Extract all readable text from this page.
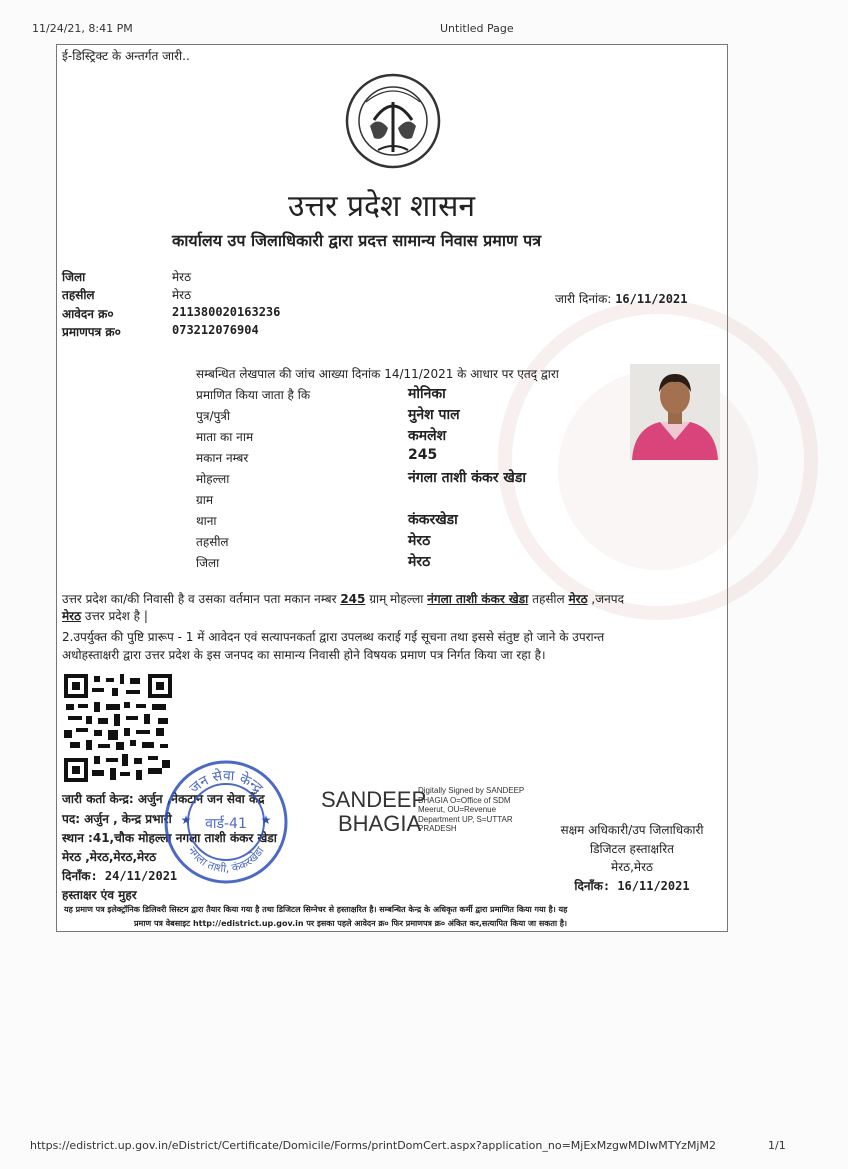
11/24/21, 8:41 PM	Untitled Page
ई-डिस्ट्रिक्ट के अन्तर्गत जारी..
उत्तर प्रदेश शासन
कार्यालय उप जिलाधिकारी द्वारा प्रदत्त सामान्य निवास प्रमाण पत्र
जिला	मेरठ
तहसील	मेरठ
आवेदन क्र०	211380020163236
प्रमाणपत्र क्र०	073212076904
जारी दिनांक: 16/11/2021
सम्बन्धित लेखपाल की जांच आख्या दिनांक 14/11/2021 के आधार पर एतद् द्वारा
प्रमाणित किया जाता है कि	मोनिका
पुत्र/पुत्री	मुनेश पाल
माता का नाम	कमलेश
मकान नम्बर	245
मोहल्ला	नंगला ताशी कंकर खेडा
ग्राम
थाना	कंकरखेडा
तहसील	मेरठ
जिला	मेरठ
उत्तर प्रदेश का/की निवासी है व उसका वर्तमान पता मकान नम्बर 245 ग्राम् मोहल्ला नंगला ताशी कंकर खेडा तहसील मेरठ ,जनपद
मेरठ उत्तर प्रदेश है |
2.उपर्युक्त की पुष्टि प्रारूप - 1 में आवेदन एवं सत्यापनकर्ता द्वारा उपलब्ध कराई गई सूचना तथा इससे संतुष्ट हो जाने के उपरान्त
अधोहस्ताक्षरी द्वारा उत्तर प्रदेश के इस जनपद का सामान्य निवासी होने विषयक प्रमाण पत्र निर्गत किया जा रहा है।
जारी कर्ता केन्द्र: अर्जुन ,नेकटान जन सेवा केंद्र
पद: अर्जुन , केन्द्र प्रभारी
स्थान :41,चौक मोहल्ला नगला ताशी कंकर खेडा
मेरठ ,मेरठ,मेरठ,मेरठ
दिनाँक: 24/11/2021
हस्ताक्षर एंव मुहर
जन सेवा केन्द्र
वार्ड-41
नगला ताशी, कंकरखेडा
★
★
SANDEEP
BHAGIA
Digitally Signed by SANDEEP
BHAGIA O=Office of SDM
Meerut, OU=Revenue
Department UP, S=UTTAR
PRADESH	सक्षम अधिकारी/उप जिलाधिकारी
डिजिटल हस्ताक्षरित
मेरठ,मेरठ
दिनाँक: 16/11/2021
यह प्रमाण पत्र इलेक्ट्रॉनिक डिलिवरी सिस्टम द्वारा तैयार किया गया है तथा डिजिटल सिग्नेचर से हस्ताक्षरित है। सम्बन्धित केन्द्र के अधिकृत कर्मी द्वारा प्रमाणित किया गया है। यह
प्रमाण पत्र वेबसाइट http://edistrict.up.gov.in पर इसका पहले आवेदन क्र० फिर प्रमाणपत्र क्र० अंकित कर,सत्यापित किया जा सकता है।
https://edistrict.up.gov.in/eDistrict/Certificate/Domicile/Forms/printDomCert.aspx?application_no=MjExMzgwMDIwMTYzMjM2	1/1
